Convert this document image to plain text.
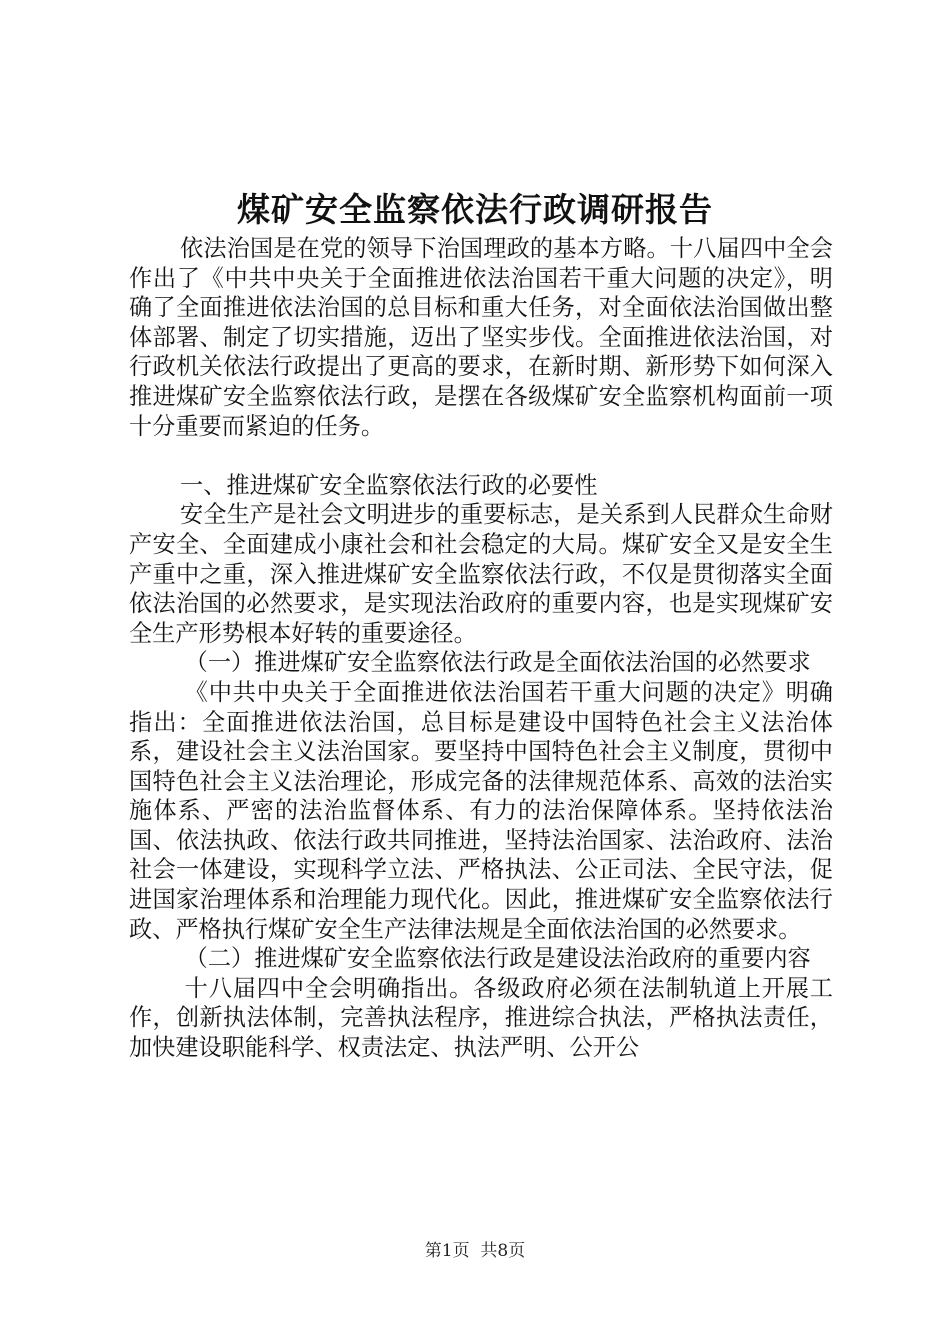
煤矿安全监察依法行政调研报告

依法治国是在党的领导下治国理政的基本方略。十八届四中全会作出了《中共中央关于全面推进依法治国若干重大问题的决定》，明确了全面推进依法治国的总目标和重大任务，对全面依法治国做出整体部署、制定了切实措施，迈出了坚实步伐。全面推进依法治国，对行政机关依法行政提出了更高的要求，在新时期、新形势下如何深入推进煤矿安全监察依法行政，是摆在各级煤矿安全监察机构面前一项十分重要而紧迫的任务。

一、推进煤矿安全监察依法行政的必要性

安全生产是社会文明进步的重要标志，是关系到人民群众生命财产安全、全面建成小康社会和社会稳定的大局。煤矿安全又是安全生产重中之重，深入推进煤矿安全监察依法行政，不仅是贯彻落实全面依法治国的必然要求，是实现法治政府的重要内容，也是实现煤矿安全生产形势根本好转的重要途径。

（一）推进煤矿安全监察依法行政是全面依法治国的必然要求

《中共中央关于全面推进依法治国若干重大问题的决定》明确指出：全面推进依法治国，总目标是建设中国特色社会主义法治体系，建设社会主义法治国家。要坚持中国特色社会主义制度，贯彻中国特色社会主义法治理论，形成完备的法律规范体系、高效的法治实施体系、严密的法治监督体系、有力的法治保障体系。坚持依法治国、依法执政、依法行政共同推进，坚持法治国家、法治政府、法治社会一体建设，实现科学立法、严格执法、公正司法、全民守法，促进国家治理体系和治理能力现代化。因此，推进煤矿安全监察依法行政、严格执行煤矿安全生产法律法规是全面依法治国的必然要求。

（二）推进煤矿安全监察依法行政是建设法治政府的重要内容

十八届四中全会明确指出。各级政府必须在法制轨道上开展工作，创新执法体制，完善执法程序，推进综合执法，严格执法责任，加快建设职能科学、权责法定、执法严明、公开公

第1页 共8页
